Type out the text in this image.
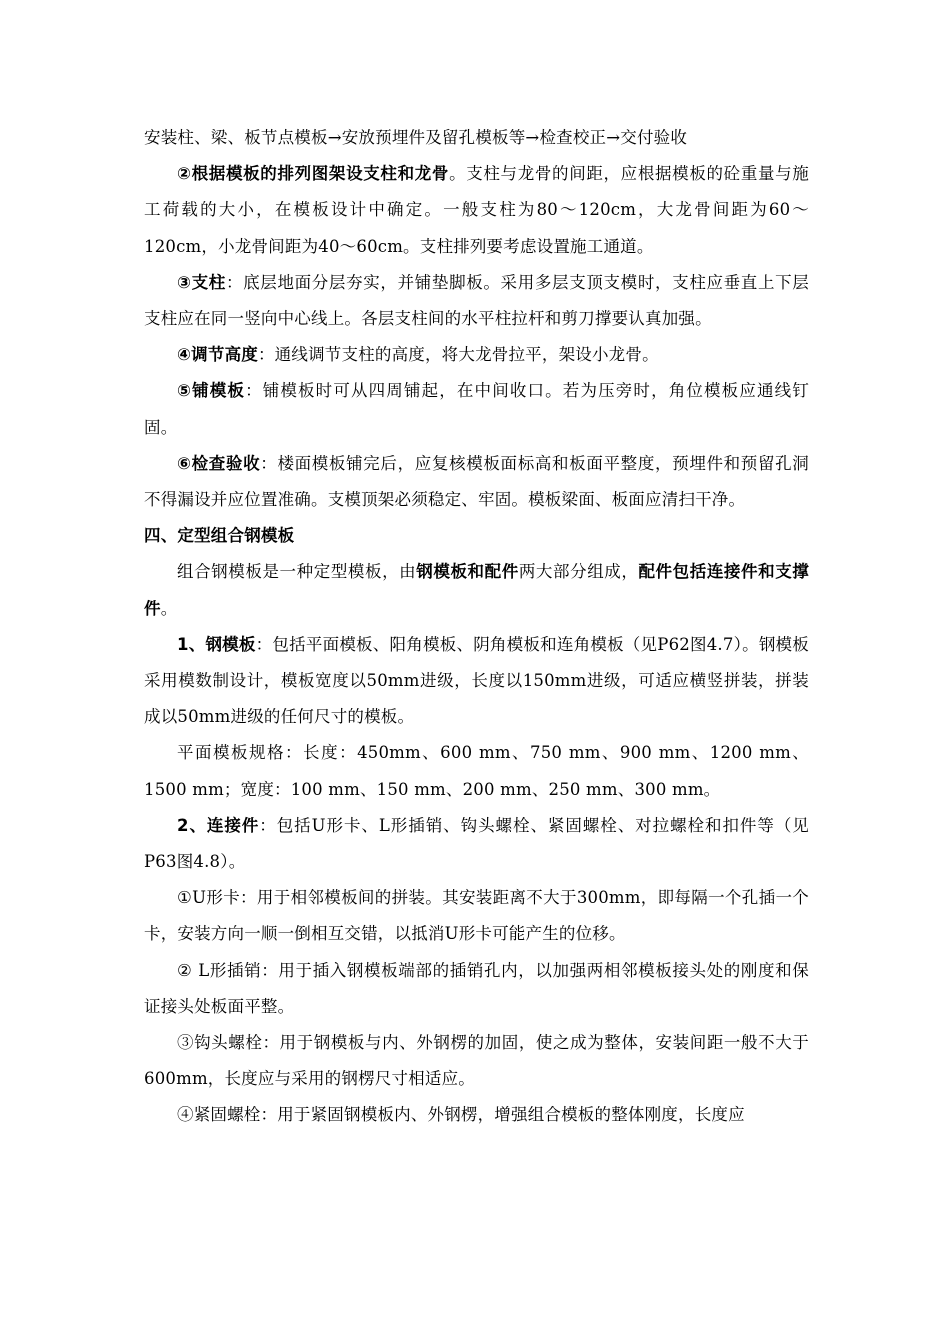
安装柱、梁、板节点模板→安放预埋件及留孔模板等→检查校正→交付验收

②根据模板的排列图架设支柱和龙骨。支柱与龙骨的间距，应根据模板的砼重量与施工荷载的大小，在模板设计中确定。一般支柱为80～120cm，大龙骨间距为60～120cm，小龙骨间距为40～60cm。支柱排列要考虑设置施工通道。

③支柱：底层地面分层夯实，并铺垫脚板。采用多层支顶支模时，支柱应垂直上下层支柱应在同一竖向中心线上。各层支柱间的水平柱拉杆和剪刀撑要认真加强。

④调节高度：通线调节支柱的高度，将大龙骨拉平，架设小龙骨。

⑤铺模板：铺模板时可从四周铺起，在中间收口。若为压旁时，角位模板应通线钉固。

⑥检查验收：楼面模板铺完后，应复核模板面标高和板面平整度，预埋件和预留孔洞不得漏设并应位置准确。支模顶架必须稳定、牢固。模板梁面、板面应清扫干净。

四、定型组合钢模板

组合钢模板是一种定型模板，由钢模板和配件两大部分组成，配件包括连接件和支撑件。

1、钢模板：包括平面模板、阳角模板、阴角模板和连角模板（见P62图4.7）。钢模板采用模数制设计，模板宽度以50mm进级，长度以150mm进级，可适应横竖拼装，拼装成以50mm进级的任何尺寸的模板。

平面模板规格：长度：450mm、600 mm、750 mm、900 mm、1200 mm、1500 mm；宽度：100 mm、150 mm、200 mm、250 mm、300 mm。

2、连接件：包括U形卡、L形插销、钩头螺栓、紧固螺栓、对拉螺栓和扣件等（见P63图4.8）。

①U形卡：用于相邻模板间的拼装。其安装距离不大于300mm，即每隔一个孔插一个卡，安装方向一顺一倒相互交错，以抵消U形卡可能产生的位移。

② L形插销：用于插入钢模板端部的插销孔内，以加强两相邻模板接头处的刚度和保证接头处板面平整。

③钩头螺栓：用于钢模板与内、外钢楞的加固，使之成为整体，安装间距一般不大于600mm，长度应与采用的钢楞尺寸相适应。

④紧固螺栓：用于紧固钢模板内、外钢楞，增强组合模板的整体刚度，长度应
